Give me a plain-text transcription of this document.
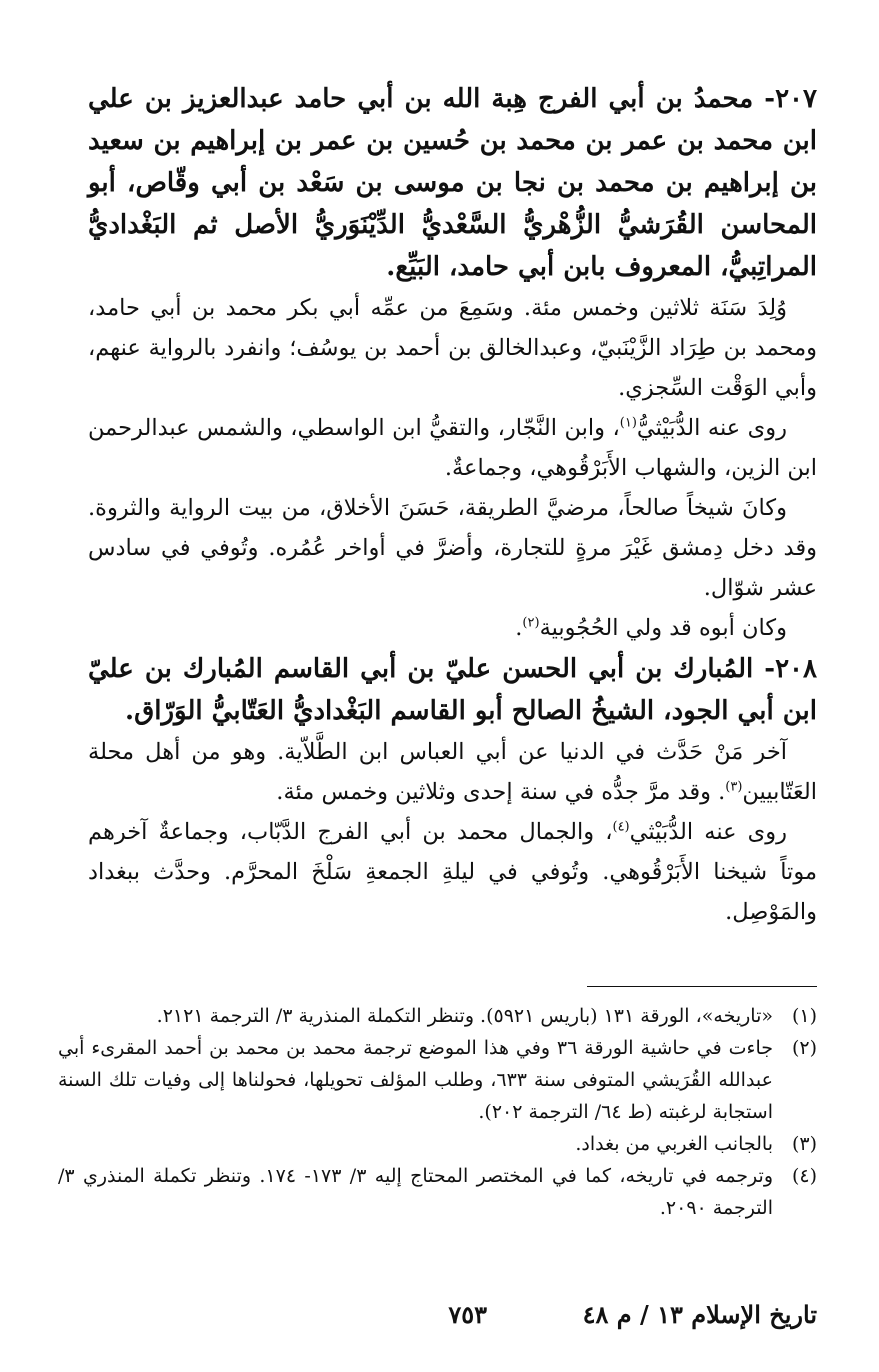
٢٠٧- محمدُ بن أبي الفرج هِبة الله بن أبي حامد عبدالعزيز بن علي ابن محمد بن عمر بن محمد بن حُسين بن عمر بن إبراهيم بن سعيد بن إبراهيم بن محمد بن نجا بن موسى بن سَعْد بن أبي وقّاص، أبو المحاسن القُرَشيُّ الزُّهْريُّ السَّعْديُّ الدِّيْنَوَريُّ الأصل ثم البَغْداديُّ المراتِبيُّ، المعروف بابن أبي حامد، البَيِّع.

وُلِدَ سَنَة ثلاثين وخمس مئة. وسَمِعَ من عمِّه أبي بكر محمد بن أبي حامد، ومحمد بن طِرَاد الزَّيْنَبيّ، وعبدالخالق بن أحمد بن يوسُف؛ وانفرد بالرواية عنهم، وأبي الوَقْت السِّجزي.

روى عنه الدُّبَيْثيُّ$^{(١)}$، وابن النَّجّار، والتقيُّ ابن الواسطي، والشمس عبدالرحمن ابن الزين، والشهاب الأَبَرْقُوهي، وجماعةٌ.

وكانَ شيخاً صالحاً، مرضيَّ الطريقة، حَسَنَ الأخلاق، من بيت الرواية والثروة. وقد دخل دِمشق غَيْرَ مرةٍ للتجارة، وأضرَّ في أواخر عُمُره. وتُوفي في سادس عشر شوّال.

وكان أبوه قد ولي الحُجُوبية$^{(٢)}$.

٢٠٨- المُبارك بن أبي الحسن عليّ بن أبي القاسم المُبارك بن عليّ ابن أبي الجود، الشيخُ الصالح أبو القاسم البَغْداديُّ العَتّابيُّ الوَرّاق.

آخر مَنْ حَدَّث في الدنيا عن أبي العباس ابن الطَّلاّية. وهو من أهل محلة العَتّابيين$^{(٣)}$. وقد مرَّ جدُّه في سنة إحدى وثلاثين وخمس مئة.

روى عنه الدُّبَيْثي$^{(٤)}$، والجمال محمد بن أبي الفرج الدَّبّاب، وجماعةٌ آخرهم موتاً شيخنا الأَبَرْقُوهي. وتُوفي في ليلةِ الجمعةِ سَلْخَ المحرَّم. وحدَّث ببغداد والمَوْصِل.

(١)
«تاريخه»، الورقة ١٣١ (باريس ٥٩٢١). وتنظر التكملة المنذرية ٣/ الترجمة ٢١٢١.
(٢)
جاءت في حاشية الورقة ٣٦ وفي هذا الموضع ترجمة محمد بن محمد بن أحمد المقرىء أبي عبدالله القُرَيشي المتوفى سنة ٦٣٣، وطلب المؤلف تحويلها، فحولناها إلى وفيات تلك السنة استجابة لرغبته (ط ٦٤/ الترجمة ٢٠٢).
(٣)
بالجانب الغربي من بغداد.
(٤)
وترجمه في تاريخه، كما في المختصر المحتاج إليه ٣/ ١٧٣- ١٧٤. وتنظر تكملة المنذري ٣/ الترجمة ٢٠٩٠.
تاريخ الإسلام ١٣ / م ٤٨
٧٥٣
